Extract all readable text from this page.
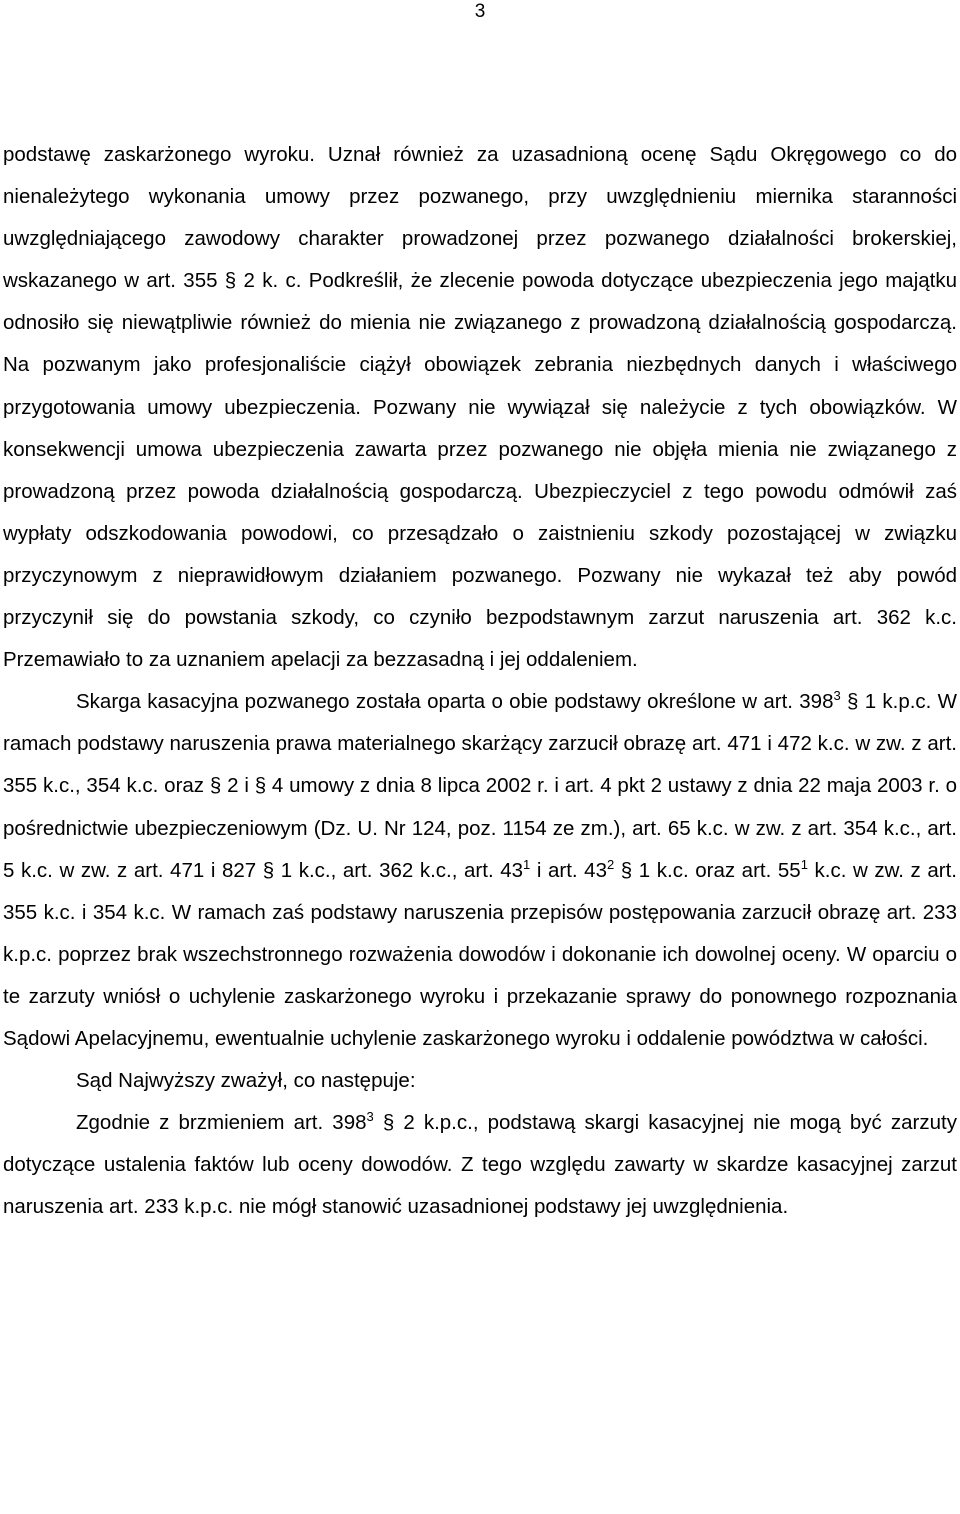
3

podstawę zaskarżonego wyroku. Uznał również za uzasadnioną ocenę Sądu Okręgowego co do nienależytego wykonania umowy przez pozwanego, przy uwzględnieniu miernika staranności uwzględniającego zawodowy charakter prowadzonej przez pozwanego działalności brokerskiej, wskazanego w art. 355 § 2 k. c. Podkreślił, że zlecenie powoda dotyczące ubezpieczenia jego majątku odnosiło się niewątpliwie również do mienia nie związanego z prowadzoną działalnością gospodarczą. Na pozwanym jako profesjonaliście ciążył obowiązek zebrania niezbędnych danych i właściwego przygotowania umowy ubezpieczenia. Pozwany nie wywiązał się należycie z tych obowiązków. W konsekwencji umowa ubezpieczenia zawarta przez pozwanego nie objęła mienia nie związanego z prowadzoną przez powoda działalnością gospodarczą. Ubezpieczyciel z tego powodu odmówił zaś wypłaty odszkodowania powodowi, co przesądzało o zaistnieniu szkody pozostającej w związku przyczynowym z nieprawidłowym działaniem pozwanego. Pozwany nie wykazał też aby powód przyczynił się do powstania szkody, co czyniło bezpodstawnym zarzut naruszenia art. 362 k.c. Przemawiało to za uznaniem apelacji za bezzasadną i jej oddaleniem.

Skarga kasacyjna pozwanego została oparta o obie podstawy określone w art. $398^3$ § 1 k.p.c. W ramach podstawy naruszenia prawa materialnego skarżący zarzucił obrazę art. 471 i 472 k.c. w zw. z art. 355 k.c., 354 k.c. oraz § 2 i § 4 umowy z dnia 8 lipca 2002 r. i art. 4 pkt 2 ustawy z dnia 22 maja 2003 r. o pośrednictwie ubezpieczeniowym (Dz. U. Nr 124, poz. 1154 ze zm.), art. 65 k.c. w zw. z art. 354 k.c., art. 5 k.c. w zw. z art. 471 i 827 § 1 k.c., art. 362 k.c., art. $43^1$ i art. $43^2$ § 1 k.c. oraz art. $55^1$ k.c. w zw. z art. 355 k.c. i 354 k.c. W ramach zaś podstawy naruszenia przepisów postępowania zarzucił obrazę art. 233 k.p.c. poprzez brak wszechstronnego rozważenia dowodów i dokonanie ich dowolnej oceny. W oparciu o te zarzuty wniósł o uchylenie zaskarżonego wyroku i przekazanie sprawy do ponownego rozpoznania Sądowi Apelacyjnemu, ewentualnie uchylenie zaskarżonego wyroku i oddalenie powództwa w całości.

Sąd Najwyższy zważył, co następuje:

Zgodnie z brzmieniem art. $398^3$ § 2 k.p.c., podstawą skargi kasacyjnej nie mogą być zarzuty dotyczące ustalenia faktów lub oceny dowodów. Z tego względu zawarty w skardze kasacyjnej zarzut naruszenia art. 233 k.p.c. nie mógł stanowić uzasadnionej podstawy jej uwzględnienia.
